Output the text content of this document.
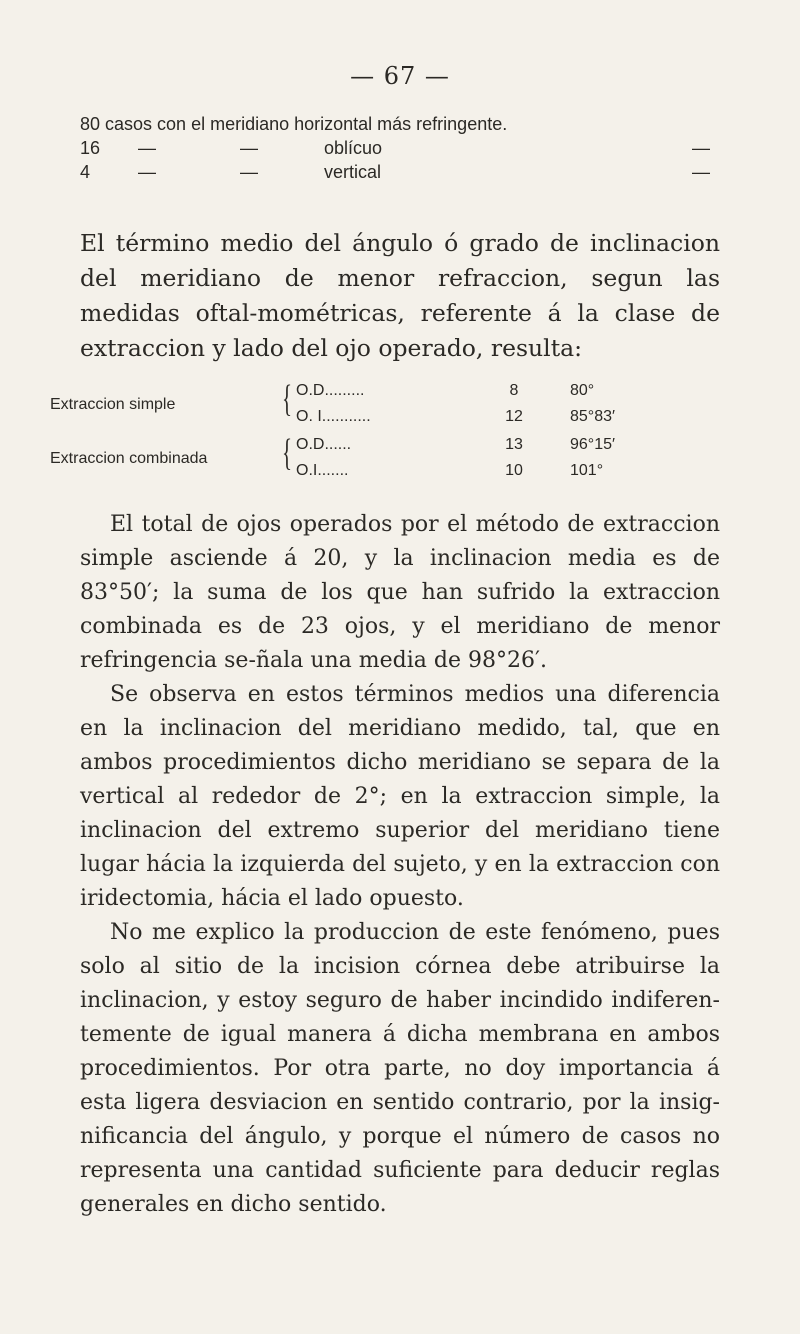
— 67 —
80 casos con el meridiano horizontal más refringente.
16 —	—	oblícuo	—
4	—	—	vertical	—

El término medio del ángulo ó grado de inclinacion del meridiano de menor refraccion, segun las medidas oftal-mométricas, referente á la clase de extraccion y lado del ojo operado, resulta:

Extraccion simple	{ O.D.........	8	80°
O. I...........	12	85°83′
Extraccion combinada { O.D......	13	96°15′
O.I.......	10	101°

El total de ojos operados por el método de extraccion simple asciende á 20, y la inclinacion media es de 83°50′; la suma de los que han sufrido la extraccion combinada es de 23 ojos, y el meridiano de menor refringencia se-ñala una media de 98°26′.

Se observa en estos términos medios una diferencia en la inclinacion del meridiano medido, tal, que en ambos procedimientos dicho meridiano se separa de la vertical al rededor de 2°; en la extraccion simple, la inclinacion del extremo superior del meridiano tiene lugar hácia la izquierda del sujeto, y en la extraccion con iridectomia, hácia el lado opuesto.

No me explico la produccion de este fenómeno, pues solo al sitio de la incision córnea debe atribuirse la inclinacion, y estoy seguro de haber incindido indiferen-temente de igual manera á dicha membrana en ambos procedimientos. Por otra parte, no doy importancia á esta ligera desviacion en sentido contrario, por la insig-nificancia del ángulo, y porque el número de casos no representa una cantidad suficiente para deducir reglas generales en dicho sentido.
